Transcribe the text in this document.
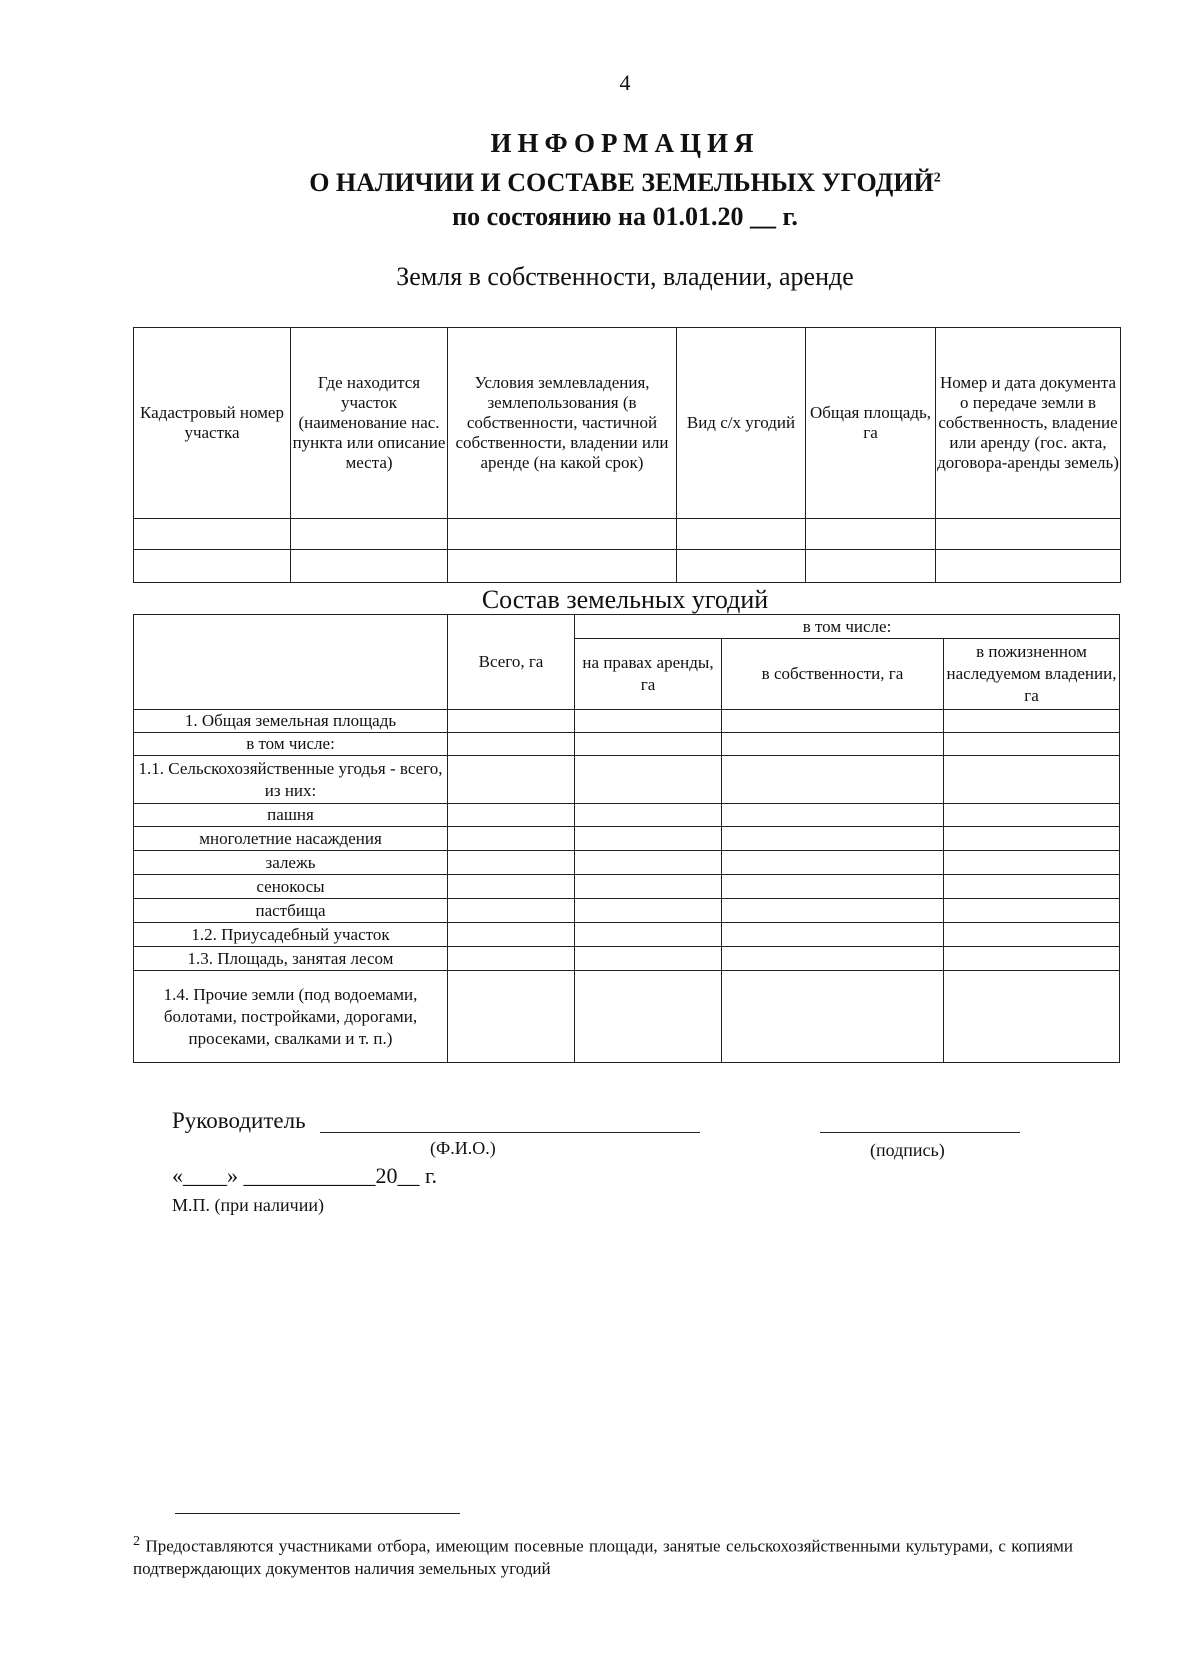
4
ИНФОРМАЦИЯ
О НАЛИЧИИ И СОСТАВЕ ЗЕМЕЛЬНЫХ УГОДИЙ$^2$
по состоянию на 01.01.20 __ г.
Земля в собственности, владении, аренде
Кадастровый номер участка	Где находится участок (наименование нас. пункта или описание места)	Условия землевладения, землепользования (в собственности, частичной собственности, владении или аренде (на какой срок)	Вид с/х угодий	Общая площадь, га	Номер и дата документа о передаче земли в собственность, владение или аренду (гос. акта, договора-аренды земель)

Состав земельных угодий
	Всего, га	в том числе:		
		на правах аренды, га	в собственности, га	в пожизненном наследуемом владении, га
1. Общая земельная площадь				
в том числе:				
1.1. Сельскохозяйственные угодья - всего, из них:				
пашня				
многолетние насаждения				
залежь				
сенокосы				
пастбища				
1.2. Приусадебный участок				
1.3. Площадь, занятая лесом				
1.4. Прочие земли (под водоемами, болотами, постройками, дорогами, просеками, свалками и т. п.)				
Руководитель
(Ф.И.О.)	(подпись)
«____» ____________20__ г.
М.П. (при наличии)
$^2$ Предоставляются участниками отбора, имеющим посевные площади, занятые сельскохозяйственными культурами, с копиями подтверждающих документов наличия земельных угодий
